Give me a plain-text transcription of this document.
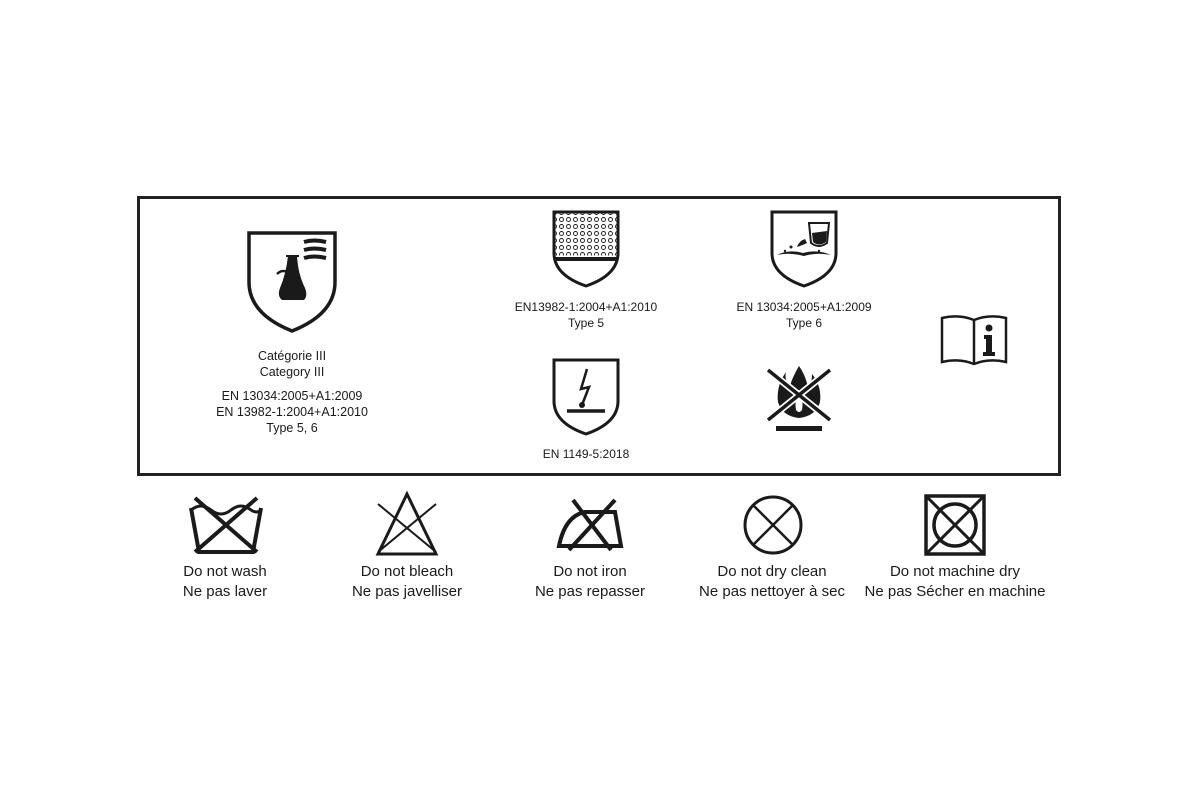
Catégorie III
Category III
EN 13034:2005+A1:2009
EN 13982-1:2004+A1:2010
Type 5, 6
EN13982-1:2004+A1:2010
Type 5
EN 13034:2005+A1:2009
Type 6
EN 1149-5:2018
Do not wash
Ne pas laver
Do not bleach
Ne pas javelliser
Do not iron
Ne pas repasser
Do not dry clean
Ne pas nettoyer à sec
Do not machine dry
Ne pas Sécher en machine
